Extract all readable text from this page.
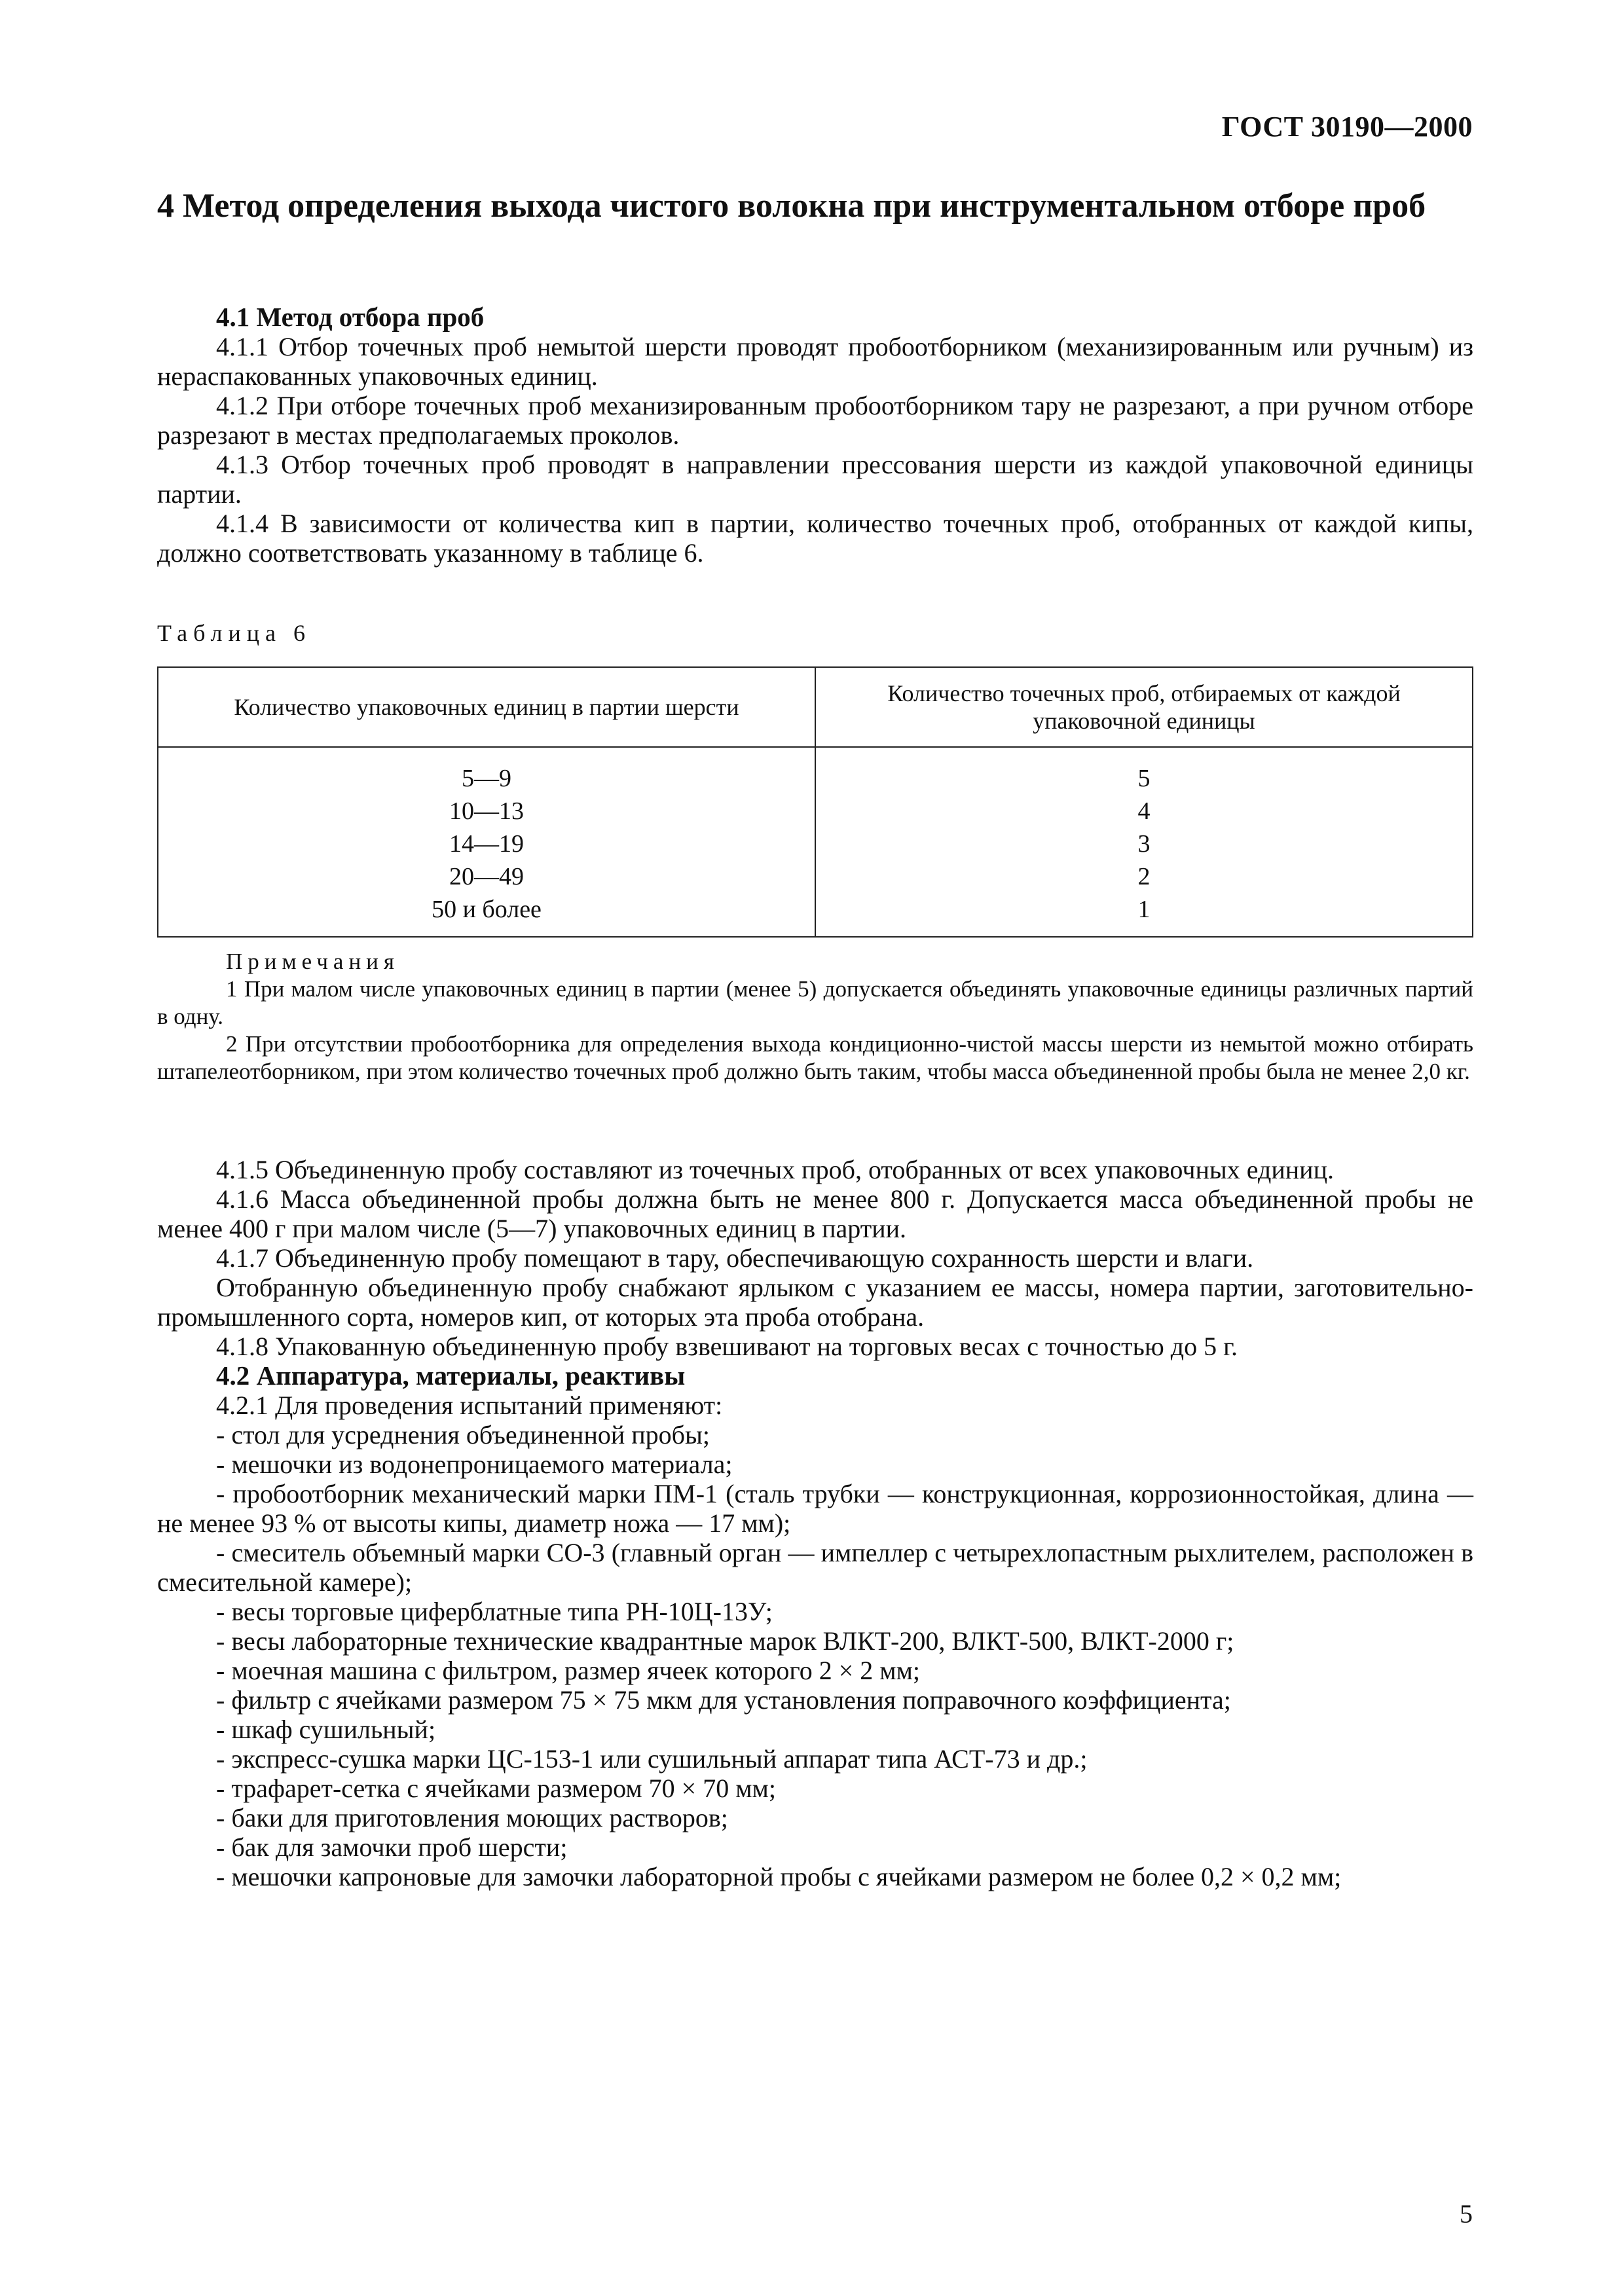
ГОСТ 30190—2000
4 Метод определения выхода чистого волокна при инструментальном отборе проб

4.1 Метод отбора проб

4.1.1 Отбор точечных проб немытой шерсти проводят пробоотборником (механизированным или ручным) из нераспакованных упаковочных единиц.

4.1.2 При отборе точечных проб механизированным пробоотборником тару не разрезают, а при ручном отборе разрезают в местах предполагаемых проколов.

4.1.3 Отбор точечных проб проводят в направлении прессования шерсти из каждой упаковочной единицы партии.

4.1.4 В зависимости от количества кип в партии, количество точечных проб, отобранных от каждой кипы, должно соответствовать указанному в таблице 6.

Таблица 6

Количество упаковочных единиц в партии шерсти	Количество точечных проб, отбираемых от каждой упаковочной единицы
5—9	5
10—13	4
14—19	3
20—49	2
50 и более	1

Примечания

1 При малом числе упаковочных единиц в партии (менее 5) допускается объединять упаковочные единицы различных партий в одну.

2 При отсутствии пробоотборника для определения выхода кондиционно-чистой массы шерсти из немытой можно отбирать штапелеотборником, при этом количество точечных проб должно быть таким, чтобы масса объединенной пробы была не менее 2,0 кг.

4.1.5 Объединенную пробу составляют из точечных проб, отобранных от всех упаковочных единиц.

4.1.6 Масса объединенной пробы должна быть не менее 800 г. Допускается масса объединенной пробы не менее 400 г при малом числе (5—7) упаковочных единиц в партии.

4.1.7 Объединенную пробу помещают в тару, обеспечивающую сохранность шерсти и влаги.

Отобранную объединенную пробу снабжают ярлыком с указанием ее массы, номера партии, заготовительно-промышленного сорта, номеров кип, от которых эта проба отобрана.

4.1.8 Упакованную объединенную пробу взвешивают на торговых весах с точностью до 5 г.

4.2 Аппаратура, материалы, реактивы

4.2.1 Для проведения испытаний применяют:

- стол для усреднения объединенной пробы;

- мешочки из водонепроницаемого материала;

- пробоотборник механический марки ПМ-1 (сталь трубки — конструкционная, коррозионностойкая, длина — не менее 93 % от высоты кипы, диаметр ножа — 17 мм);

- смеситель объемный марки СО-3 (главный орган — импеллер с четырехлопастным рыхлителем, расположен в смесительной камере);

- весы торговые циферблатные типа РН-10Ц-13У;

- весы лабораторные технические квадрантные марок ВЛКТ-200, ВЛКТ-500, ВЛКТ-2000 г;

- моечная машина с фильтром, размер ячеек которого 2 × 2 мм;

- фильтр с ячейками размером 75 × 75 мкм для установления поправочного коэффициента;

- шкаф сушильный;

- экспресс-сушка марки ЦС-153-1 или сушильный аппарат типа АСТ-73 и др.;

- трафарет-сетка с ячейками размером 70 × 70 мм;

- баки для приготовления моющих растворов;

- бак для замочки проб шерсти;

- мешочки капроновые для замочки лабораторной пробы с ячейками размером не более 0,2 × 0,2 мм;

5
